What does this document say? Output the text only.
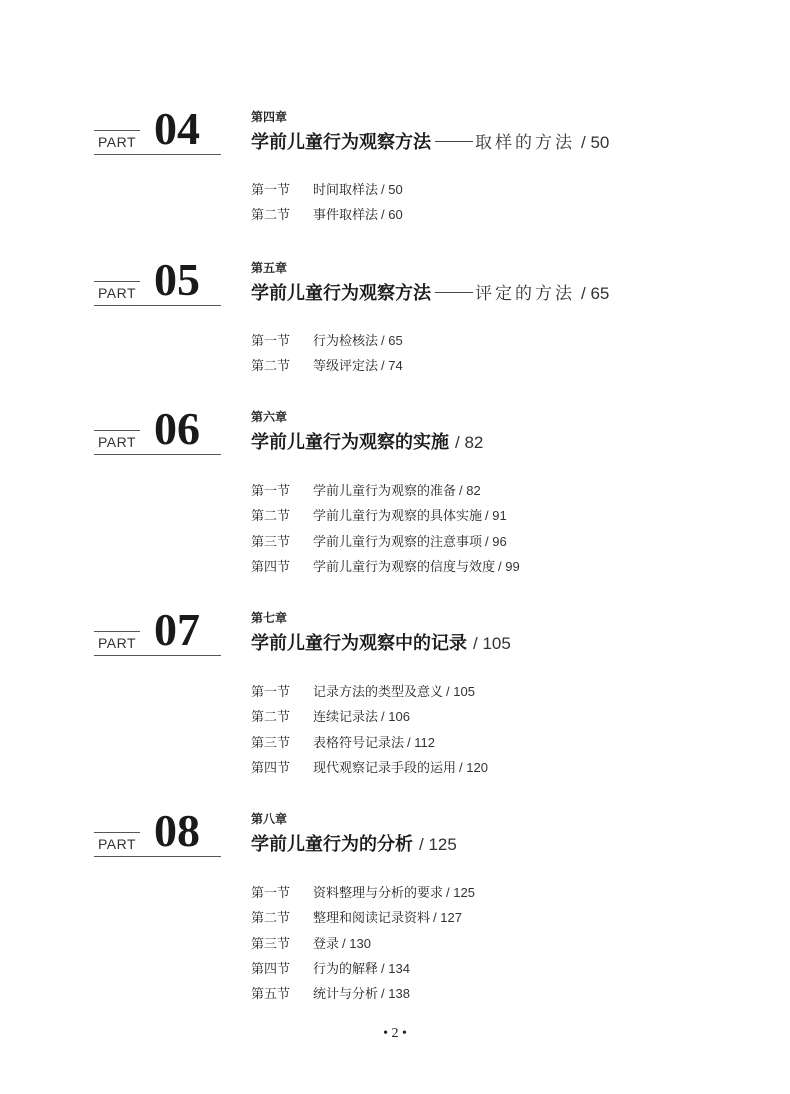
PART 04	第四章
学前儿童行为观察方法	取样的方法 / 50
第一节 时间取样法 / 50
第二节 事件取样法 / 60
PART 05	第五章
学前儿童行为观察方法	评定的方法 / 65
第一节 行为检核法 / 65
第二节 等级评定法 / 74
PART 06	第六章
学前儿童行为观察的实施 / 82
第一节 学前儿童行为观察的准备 / 82
第二节 学前儿童行为观察的具体实施 / 91
第三节 学前儿童行为观察的注意事项 / 96
第四节 学前儿童行为观察的信度与效度 / 99
PART 07	第七章
学前儿童行为观察中的记录 / 105
第一节 记录方法的类型及意义 / 105
第二节 连续记录法 / 106
第三节 表格符号记录法 / 112
第四节 现代观察记录手段的运用 / 120
PART 08	第八章
学前儿童行为的分析 / 125
第一节 资料整理与分析的要求 / 125
第二节 整理和阅读记录资料 / 127
第三节 登录 / 130
第四节 行为的解释 / 134
第五节 统计与分析 / 138
• 2 •
